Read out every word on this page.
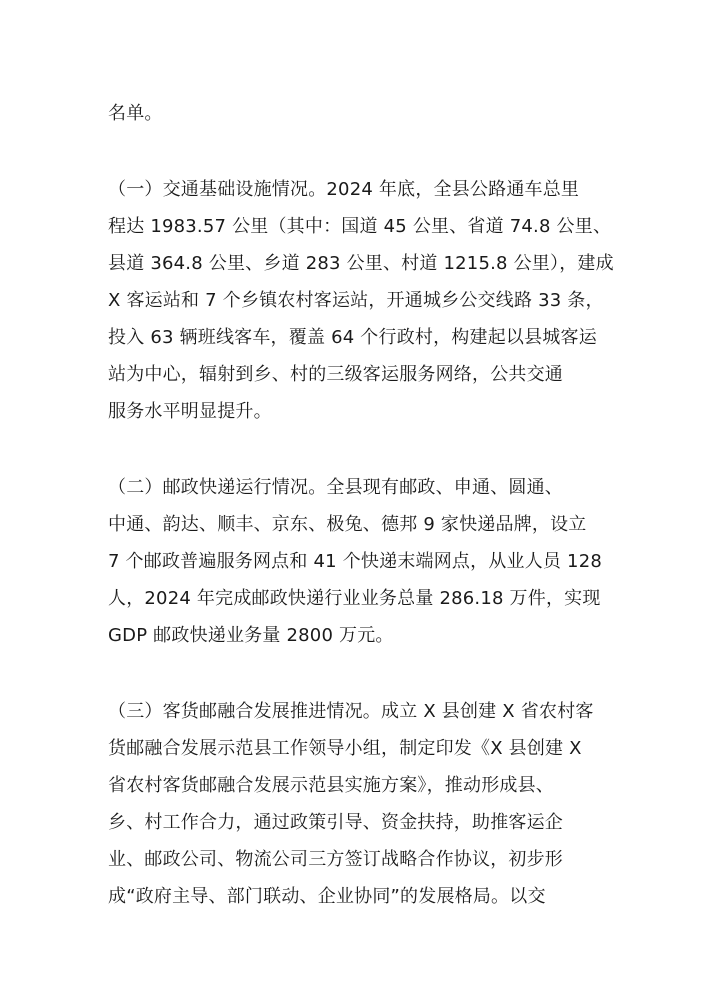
名单。
（一）交通基础设施情况。2024 年底，全县公路通车总里
程达 1983.57 公里（其中：国道 45 公里、省道 74.8 公里、
县道 364.8 公里、乡道 283 公里、村道 1215.8 公里），建成
X 客运站和 7 个乡镇农村客运站，开通城乡公交线路 33 条，
投入 63 辆班线客车，覆盖 64 个行政村，构建起以县城客运
站为中心，辐射到乡、村的三级客运服务网络，公共交通
服务水平明显提升。
（二）邮政快递运行情况。全县现有邮政、申通、圆通、
中通、韵达、顺丰、京东、极兔、德邦 9 家快递品牌，设立
7 个邮政普遍服务网点和 41 个快递末端网点，从业人员 128
人，2024 年完成邮政快递行业业务总量 286.18 万件，实现
GDP 邮政快递业务量 2800 万元。
（三）客货邮融合发展推进情况。成立 X 县创建 X 省农村客
货邮融合发展示范县工作领导小组，制定印发《X 县创建 X
省农村客货邮融合发展示范县实施方案》，推动形成县、
乡、村工作合力，通过政策引导、资金扶持，助推客运企
业、邮政公司、物流公司三方签订战略合作协议，初步形
成“政府主导、部门联动、企业协同”的发展格局。以交
